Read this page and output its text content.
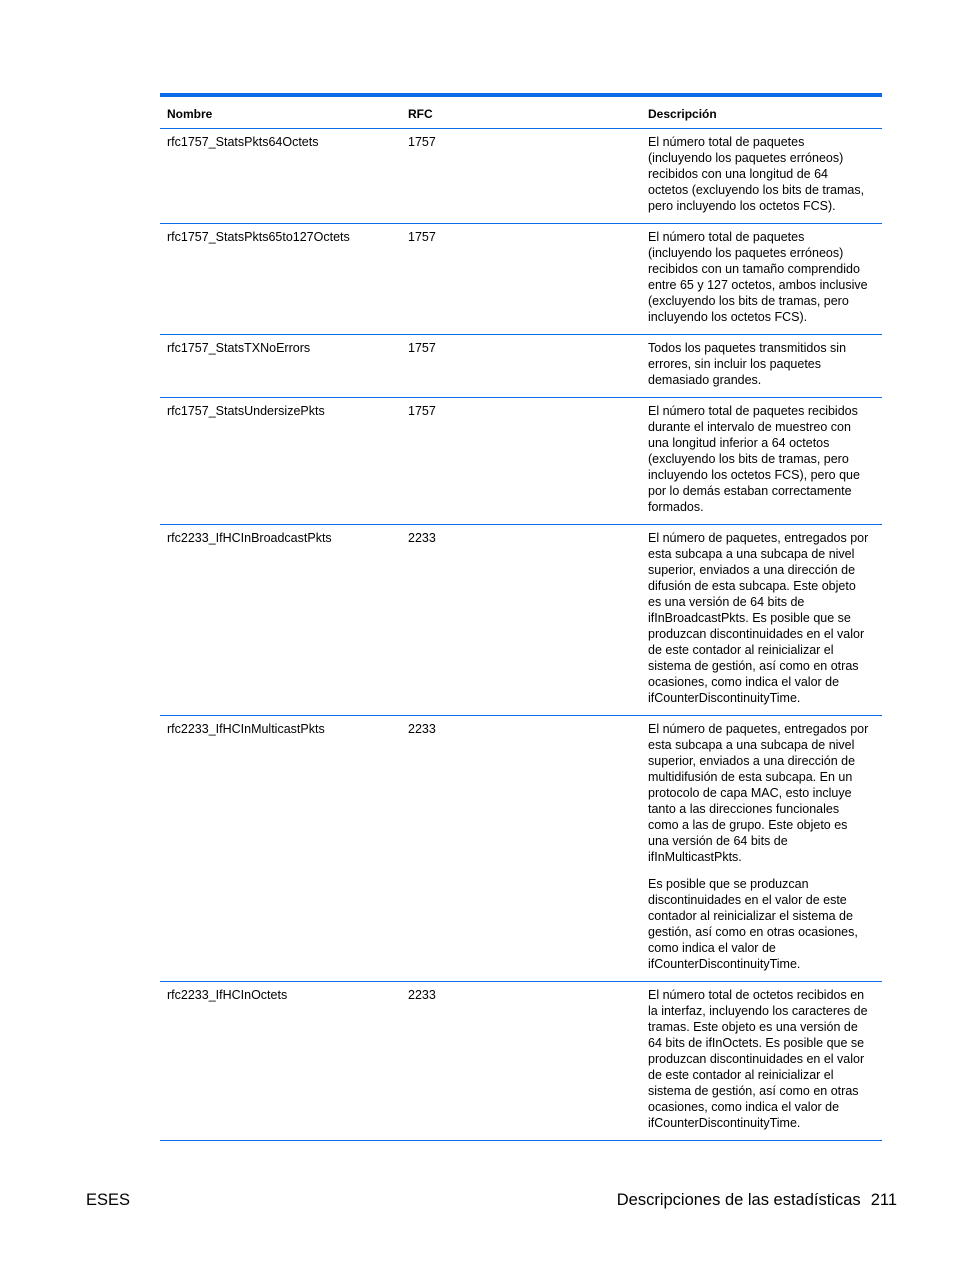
Nombre	RFC	Descripción
rfc1757_StatsPkts64Octets	1757	El número total de paquetes
(incluyendo los paquetes erróneos)
recibidos con una longitud de 64
octetos (excluyendo los bits de tramas,
pero incluyendo los octetos FCS).
rfc1757_StatsPkts65to127Octets	1757	El número total de paquetes
(incluyendo los paquetes erróneos)
recibidos con un tamaño comprendido
entre 65 y 127 octetos, ambos inclusive
(excluyendo los bits de tramas, pero
incluyendo los octetos FCS).
rfc1757_StatsTXNoErrors	1757	Todos los paquetes transmitidos sin
errores, sin incluir los paquetes
demasiado grandes.
rfc1757_StatsUndersizePkts	1757	El número total de paquetes recibidos
durante el intervalo de muestreo con
una longitud inferior a 64 octetos
(excluyendo los bits de tramas, pero
incluyendo los octetos FCS), pero que
por lo demás estaban correctamente
formados.
rfc2233_IfHCInBroadcastPkts	2233	El número de paquetes, entregados por
esta subcapa a una subcapa de nivel
superior, enviados a una dirección de
difusión de esta subcapa. Este objeto
es una versión de 64 bits de
ifInBroadcastPkts. Es posible que se
produzcan discontinuidades en el valor
de este contador al reinicializar el
sistema de gestión, así como en otras
ocasiones, como indica el valor de
ifCounterDiscontinuityTime.
rfc2233_IfHCInMulticastPkts	2233	El número de paquetes, entregados por
esta subcapa a una subcapa de nivel
superior, enviados a una dirección de
multidifusión de esta subcapa. En un
protocolo de capa MAC, esto incluye
tanto a las direcciones funcionales
como a las de grupo. Este objeto es
una versión de 64 bits de
ifInMulticastPkts.
Es posible que se produzcan
discontinuidades en el valor de este
contador al reinicializar el sistema de
gestión, así como en otras ocasiones,
como indica el valor de
ifCounterDiscontinuityTime.
rfc2233_IfHCInOctets	2233	El número total de octetos recibidos en
la interfaz, incluyendo los caracteres de
tramas. Este objeto es una versión de
64 bits de ifInOctets. Es posible que se
produzcan discontinuidades en el valor
de este contador al reinicializar el
sistema de gestión, así como en otras
ocasiones, como indica el valor de
ifCounterDiscontinuityTime.
ESES	Descripciones de las estadísticas 211
